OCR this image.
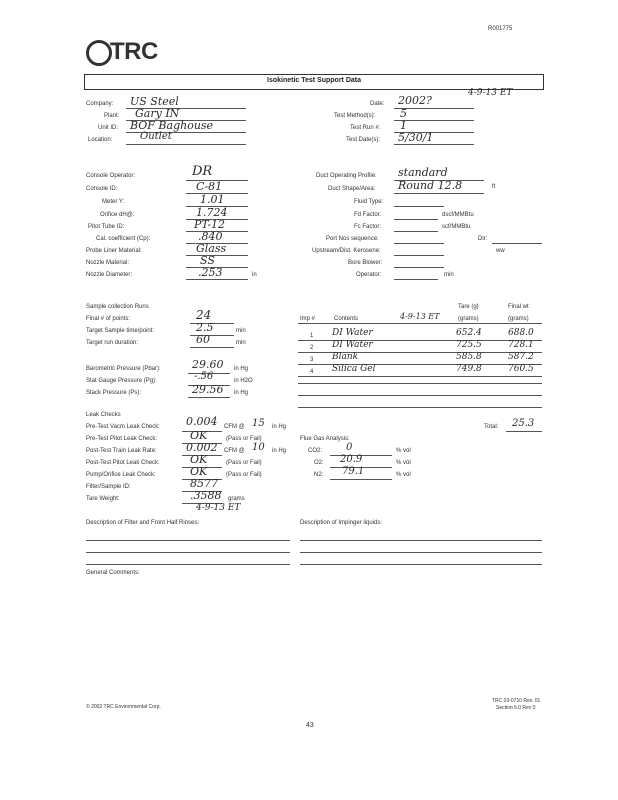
R001775
TRC
Isokinetic Test Support Data
Company: US Steel
Plant: Gary IN
Unit ID: BOF Baghouse
Location:	Outlet
Date: 2002?
4-9-13 ET
Test Method(s): 5
Test Run #: 1
Test Date(s): 5/30/1
Console Operator:	DR
Console ID:	C-81
Meter Y:	1.01
Orifice dH@:	1.724
Pitot Tube ID:	PT-12
Cal. coefficient (Cp):	.840
Probe Liner Material:	Glass
Nozzle Material:	SS
Nozzle Diameter:	.253	in
Duct Operating Profile: standard
Duct Shape/Area: Round 12.8	ft
Fluid Type:
Fd Factor:	dscf/MMBtu
Fc Factor:	scf/MMBtu
Port Nos sequence:	Dir:
Upstream/Dist. Kerosene:	ww
Bore Blower:
Operator:	min
Sample collection Runs
Final # of points:	24
Target Sample time/point:	2.5	min
Target run duration:	60	min
Barometric Pressure (Pbar):	29.60 in Hg
Stat Gauge Pressure (Pg):	-.56	in H2O
Stack Pressure (Ps):	29.56 in Hg
4-9-13 ET
Tare (g)	Final wt
Imp #	Contents	(grams)	(grams)
1 DI Water	652.4	688.0
2 DI Water	725.5	728.1
3 Blank	585.8	587.2
4 Silica Gel	749.8	760.5
Total: 25.3
Leak Checks
Pre-Test Vacm Leak Check: 0.004 CFM @ 15 in Hg
Pre-Test Pitot Leak Check:	OK	(Pass or Fail)
Post-Test Train Leak Rate:	0.002 CFM @ 10 in Hg
Post-Test Pitot Leak Check:	OK	(Pass or Fail)
Pump/Orifice Leak Check:	OK	(Pass or Fail)
Filter/Sample ID:	8577
Tare Weight:	.3588 grams
4-9-13 ET
Flue Gas Analysis:
CO2: 0	% vol
O2: 20.9	% vol
N2: 79.1	% vol
Description of Filter and Front Half Rinses:	Description of Impinger liquids:
General Comments:
© 2002 TRC Environmental Corp.
TRC 03-0710 Rev. 01
Section 5.0 Rev 0
43
